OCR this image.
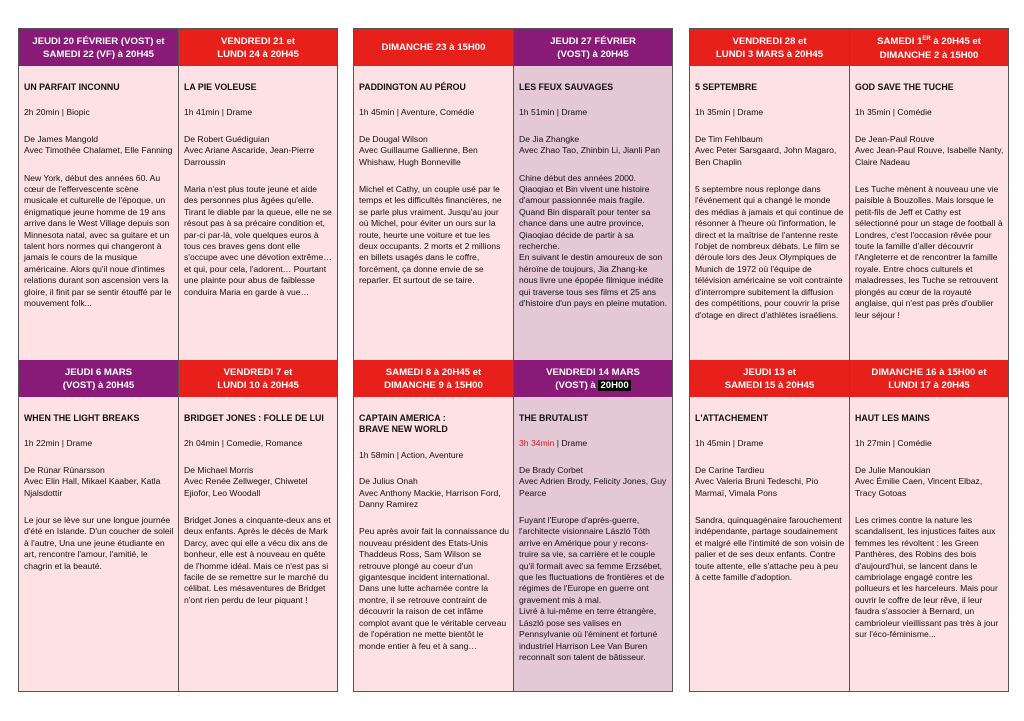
JEUDI 20 FÉVRIER (VOST) et
SAMEDI 22 (VF) à 20H45
UN PARFAIT INCONNU
2h 20min | Biopic
De James Mangold
Avec Timothée Chalamet, Elle Fanning
New York, début des années 60. Au cœur de l'effervescente scène musicale et culturelle de l'époque, un énigmatique jeune homme de 19 ans arrive dans le West Village depuis son Minnesota natal, avec sa guitare et un talent hors normes qui changeront à jamais le cours de la musique américaine. Alors qu'il noue d'intimes relations durant son ascension vers la gloire, il finit par se sentir étouffé par le mouvement folk...
VENDREDI 21 et
LUNDI 24 à 20H45
LA PIE VOLEUSE
1h 41min | Drame
De Robert Guédiguian
Avec Ariane Ascaride, Jean-Pierre Darroussin
Maria n'est plus toute jeune et aide des personnes plus âgées qu'elle. Tirant le diable par la queue, elle ne se résout pas à sa précaire condition et, par-ci par-là, vole quelques euros à tous ces braves gens dont elle s'occupe avec une dévotion extrême… et qui, pour cela, l'adorent… Pourtant une plainte pour abus de faiblesse conduira Maria en garde à vue…
JEUDI 6 MARS
(VOST) à 20H45
WHEN THE LIGHT BREAKS
1h 22min | Drame
De Rúnar Rúnarsson
Avec Elin Hall, Mikael Kaaber, Katla Njalsdottir
Le jour se lève sur une longue journée d'été en Islande. D'un coucher de soleil à l'autre, Una une jeune étudiante en art, rencontre l'amour, l'amitié, le chagrin et la beauté.
VENDREDI 7 et
LUNDI 10 à 20H45
BRIDGET JONES : FOLLE DE LUI
2h 04min | Comedie, Romance
De Michael Morris
Avec Renée Zellweger, Chiwetel Ejiofor, Leo Woodall
Bridget Jones a cinquante-deux ans et deux enfants. Après le décès de Mark Darcy, avec qui elle a vécu dix ans de bonheur, elle est à nouveau en quête de l'homme idéal. Mais ce n'est pas si facile de se remettre sur le marché du célibat. Les mésaventures de Bridget n'ont rien perdu de leur piquant !
DIMANCHE 23 à 15H00
PADDINGTON AU PÉROU
1h 45min | Aventure, Comédie
De Dougal Wilson
Avec Guillaume Gallienne, Ben Whishaw, Hugh Bonneville
Michel et Cathy, un couple usé par le temps et les difficultés financières, ne se parle plus vraiment. Jusqu'au jour où Michel, pour éviter un ours sur la route, heurte une voiture et tue les deux occupants. 2 morts et 2 millions en billets usagés dans le coffre, forcément, ça donne envie de se reparler. Et surtout de se taire.
JEUDI 27 FÉVRIER
(VOST) à 20H45
LES FEUX SAUVAGES
1h 51min | Drame
De Jia Zhangke
Avec Zhao Tao, Zhinbin Li, Jianli Pan
Chine début des années 2000. Qiaoqiao et Bin vivent une histoire d'amour passionnée mais fragile. Quand Bin disparaît pour tenter sa chance dans une autre province, Qiaoqiao décide de partir à sa recherche.
En suivant le destin amoureux de son héroïne de toujours, Jia Zhang-ke nous livre une épopée filmique inédite qui traverse tous ses films et 25 ans d'histoire d'un pays en pleine mutation.
SAMEDI 8 à 20H45 et
DIMANCHE 9 à 15H00
CAPTAIN AMERICA :
BRAVE NEW WORLD
1h 58min | Action, Aventure
De Julius Onah
Avec Anthony Mackie, Harrison Ford, Danny Ramirez
Peu après avoir fait la connaissance du nouveau président des Etats-Unis Thaddeus Ross, Sam Wilson se retrouve plongé au coeur d'un gigantesque incident international. Dans une lutte acharnée contre la montre, il se retrouve contraint de découvrir la raison de cet infâme complot avant que le véritable cerveau de l'opération ne mette bientôt le monde entier à feu et à sang…
VENDREDI 14 MARS
(VOST) à 20H00
THE BRUTALIST
3h 34min | Drame
De Brady Corbet
Avec Adrien Brody, Felicity Jones, Guy Pearce
Fuyant l'Europe d'après-guerre, l'architecte visionnaire László Tóth arrive en Amérique pour y recons-truire sa vie, sa carrière et le couple qu'il formait avec sa femme Erzsébet, que les fluctuations de frontières et de régimes de l'Europe en guerre ont gravement mis à mal.
Livré à lui-même en terre étrangère, László pose ses valises en Pennsylvanie où l'éminent et fortuné industriel Harrison Lee Van Buren reconnaît son talent de bâtisseur.
VENDREDI 28 et
LUNDI 3 MARS à 20H45
5 SEPTEMBRE
1h 35min | Drame
De Tim Fehlbaum
Avec Peter Sarsgaard, John Magaro, Ben Chaplin
5 septembre nous replonge dans l'événement qui a changé le monde des médias à jamais et qui continue de résonner à l'heure où l'information, le direct et la maîtrise de l'antenne reste l'objet de nombreux débats. Le film se déroule lors des Jeux Olympiques de Munich de 1972 où l'équipe de télévision américaine se voit contrainte d'interrompre subitement la diffusion des compétitions, pour couvrir la prise d'otage en direct d'athlètes israéliens.
SAMEDI 1ER à 20H45 et
DIMANCHE 2 à 15H00
GOD SAVE THE TUCHE
1h 35min | Comédie
De Jean-Paul Rouve
Avec Jean-Paul Rouve, Isabelle Nanty, Claire Nadeau
Les Tuche mènent à nouveau une vie paisible à Bouzolles. Mais lorsque le petit-fils de Jeff et Cathy est sélectionné pour un stage de football à Londres, c'est l'occasion rêvée pour toute la famille d'aller découvrir l'Angleterre et de rencontrer la famille royale. Entre chocs culturels et maladresses, les Tuche se retrouvent plongés au cœur de la royauté anglaise, qui n'est pas près d'oublier leur séjour !
JEUDI 13 et
SAMEDI 15 à 20H45
L'ATTACHEMENT
1h 45min | Drame
De Carine Tardieu
Avec Valeria Bruni Tedeschi, Pio Marmaï, Vimala Pons
Sandra, quinquagénaire farouchement indépendante, partage soudainement et malgré elle l'intimité de son voisin de palier et de ses deux enfants. Contre toute attente, elle s'attache peu à peu à cette famille d'adoption.
DIMANCHE 16 à 15H00 et
LUNDI 17 à 20H45
HAUT LES MAINS
1h 27min | Comédie
De Julie Manoukian
Avec Émilie Caen, Vincent Elbaz, Tracy Gotoas
Les crimes contre la nature les scandalisent, les injustices faites aux femmes les révoltent : les Green Panthères, des Robins des bois d'aujourd'hui, se lancent dans le cambriolage engagé contre les pollueurs et les harceleurs. Mais pour ouvrir le coffre de leur rêve, il leur faudra s'associer à Bernard, un cambrioleur vieillissant pas très à jour sur l'éco-féminisme...
